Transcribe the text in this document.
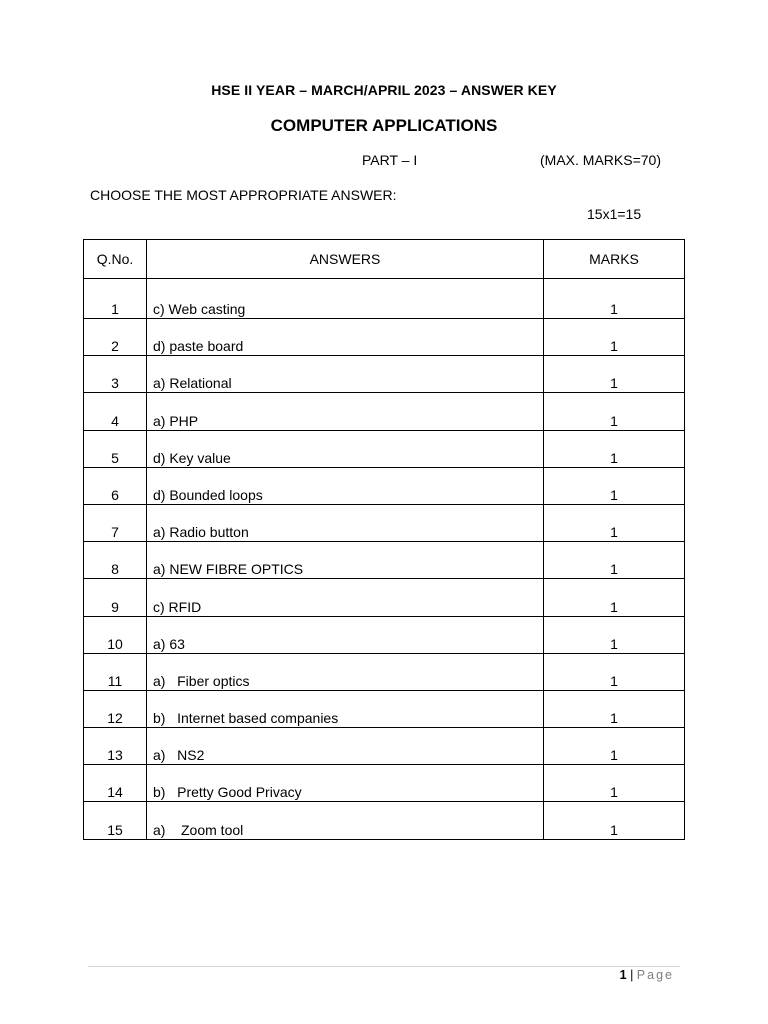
HSE II YEAR – MARCH/APRIL 2023 – ANSWER KEY
COMPUTER APPLICATIONS
PART – I	(MAX. MARKS=70)
CHOOSE THE MOST APPROPRIATE ANSWER:
15x1=15
Q.No.	ANSWERS	MARKS
1	c) Web casting	1
2	d) paste board	1
3	a) Relational	1
4	a) PHP	1
5	d) Key value	1
6	d) Bounded loops	1
7	a) Radio button	1
8	a) NEW FIBRE OPTICS	1
9	c) RFID	1
10	a) 63	1
11	a)   Fiber optics	1
12	b)   Internet based companies	1
13	a)   NS2	1
14	b)   Pretty Good Privacy	1
15	a)    Zoom tool	1
1 | Page
